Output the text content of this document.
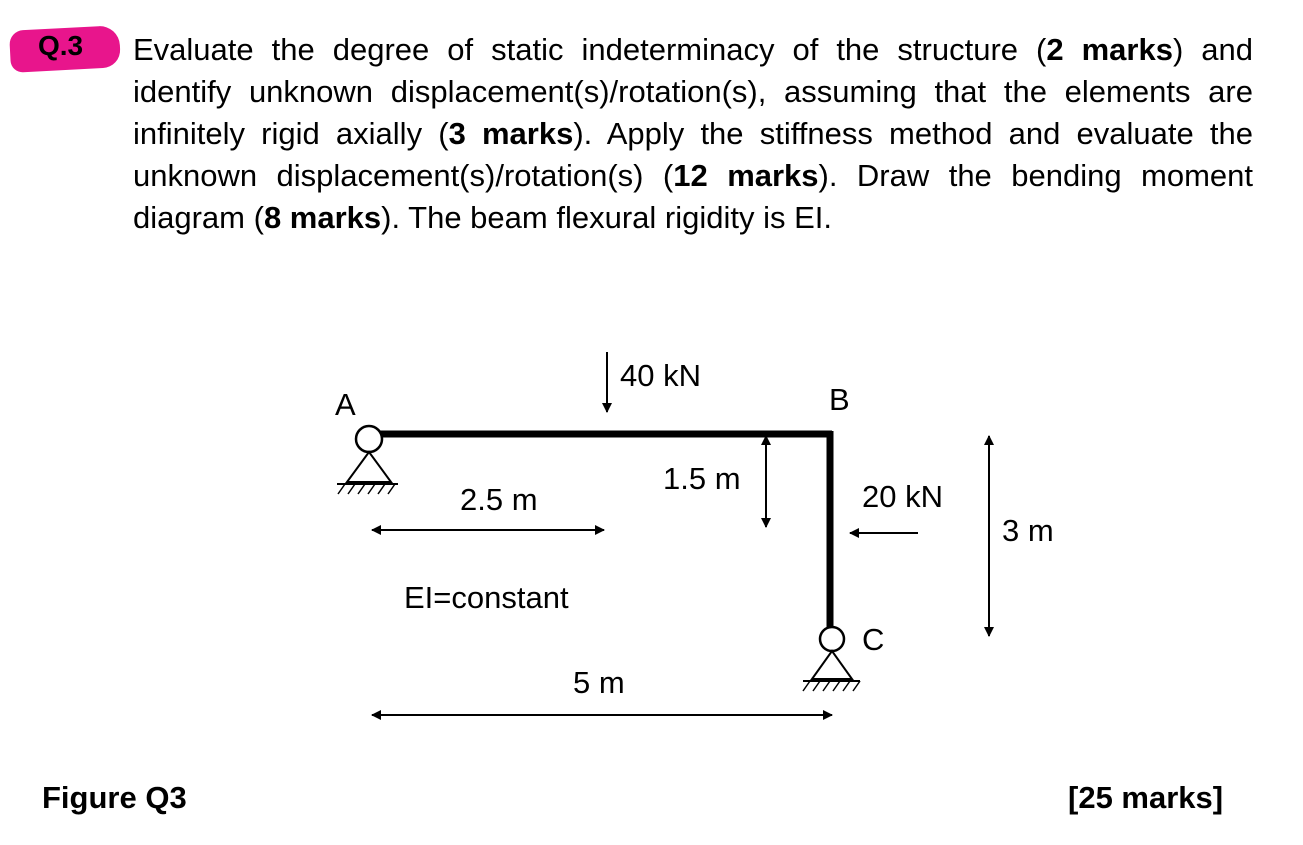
Q.3 Evaluate the degree of static indeterminacy of the structure (2 marks) and identify unknown displacement(s)/rotation(s), assuming that the elements are infinitely rigid axially (3 marks). Apply the stiffness method and evaluate the unknown displacement(s)/rotation(s) (12 marks). Draw the bending moment diagram (8 marks). The beam flexural rigidity is EI.
A	B
C
40 kN
20 kN
2.5 m
1.5 m
3 m
5 m
EI=constant
Figure Q3	[25 marks]
